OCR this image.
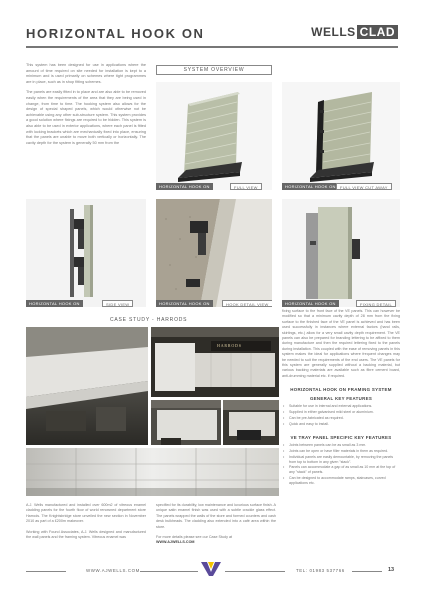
HORIZONTAL HOOK ON	WELLS CLAD

This system has been designed for use in applications where the amount of time required on site needed for installation is kept to a minimum and is used primarily on schemes where tight programmes are in place, such as in shop fitting schemes.

The panels are easily fitted in to place and are also able to be removed easily when the requirements of the area that they are being used in change, from time to time. The hooking system also allows for the design of special shaped panels, which would otherwise not be achievable using any other sub-structure system. This system provides a good solution where fixings are required to be hidden. This system is also able to be used in exterior applications, where each panel is fitted with locking brackets which are mechanically fixed into place, ensuring that the panels are unable to move both vertically or horizontally. The cavity depth for the system is generally 50 mm from the

SYSTEM OVERVIEW
HORIZONTAL HOOK ON	FULL VIEW	HORIZONTAL HOOK ON	FULL VIEW CUT AWAY
HORIZONTAL HOOK ON	SIDE VIEW	HORIZONTAL HOOK ON	HOOK DETAIL VIEW	HORIZONTAL HOOK ON	FIXING DETAIL
CASE STUDY - HARRODS
HARRODS

A.J. Wells manufactured and installed over 600m2 of vitreous enamel cladding panels for the fourth floor of world renowned department store Harrods. The Knightsbridge store unveiled the new section in November 2010 as part of a £200m makeover.

Working with Found Associates, A.J. Wells designed and manufactured the wall panels and the framing system. Vitreous enamel was

specified for its durability, low maintenance and luxurious surface finish. A unique satin enamel finish was used with a subtle crackle glass effect. The panels wrapped the walls of the store and formed counters and cash desk bulkheads. The cladding also extended into a café area within the store.

For more details please see our Case Study at

WWW.AJWELLS.COM

fixing surface to the front face of the VE panels. This can however be modified so that a minimum cavity depth of 28 mm from the fixing surface to the finished face of the VE panel is achieved and has been used successfully in instances where external factors (hand rails, skirtings, etc.) allow for a very small cavity depth requirement. The VE panels can also be prepared for branding lettering to be affixed to them during manufacture and then the required lettering fixed to the panels during installation. This coupled with the ease of removing panels in this system makes the ideal for applications where frequent changes may be needed to suit the requirements of the end users. The VE panels for this system are generally supplied without a backing material, but various backing materials are available such as fibre cement board, anti-drumming material etc. if required.

HORIZONTAL HOOK ON FRAMING SYSTEM
GENERAL KEY FEATURES
• Suitable for use in internal and external applications.
• Supplied in either galvanised mild steel or aluminium.
• Can be pre-fabricated as required.
• Quick and easy to install.
VE TRAY PANEL SPECIFIC KEY FEATURES
• Joints between panels can be as small as 3 mm.
• Joints can be open or have filler materials in them as required.
• Individual panels are easily demountable, by removing the panels from top to bottom in any given "stack".
• Panels can accommodate a gap of as small as 10 mm at the top of any "stack" of panels.
• Can be designed to accommodate ramps, staircases, curved applications etc.
WWW.AJWELLS.COM	TEL: 01983 537766	13
